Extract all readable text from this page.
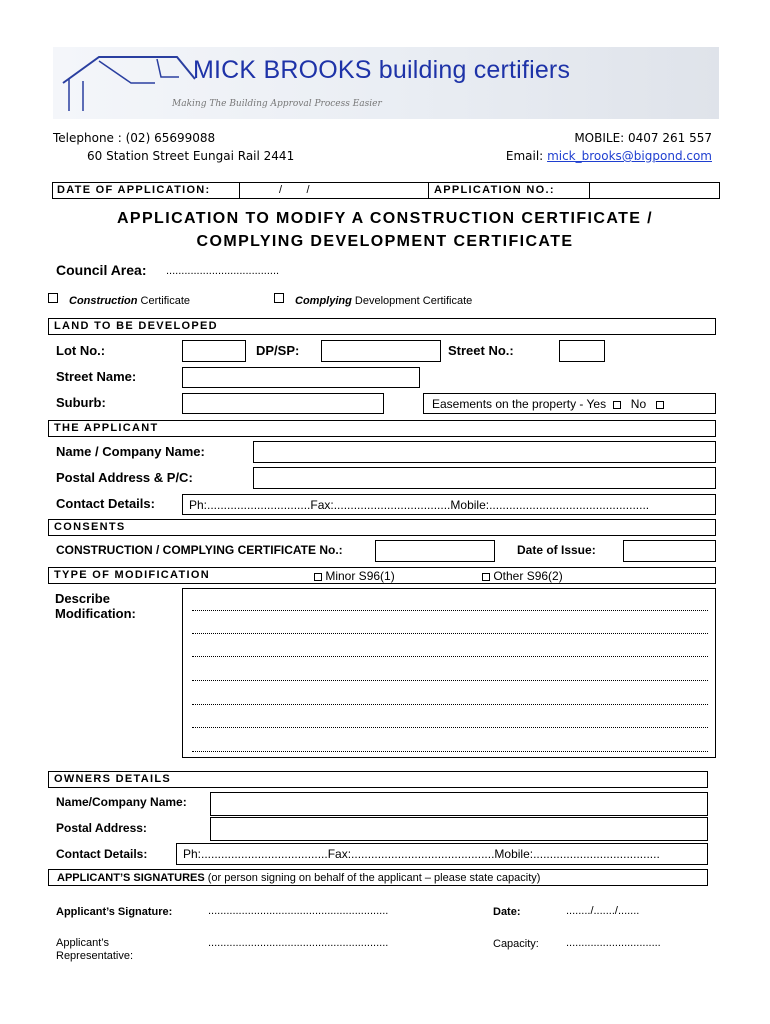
MICK BROOKS building certifiers
Making The Building Approval Process Easier
Telephone : (02) 65699088
60 Station Street Eungai Rail 2441
MOBILE: 0407 261 557
Email: mick_brooks@bigpond.com
DATE OF APPLICATION:	/        /	APPLICATION NO.:
APPLICATION TO MODIFY A CONSTRUCTION CERTIFICATE /
COMPLYING DEVELOPMENT CERTIFICATE
Council Area: .....................................
Construction Certificate	Complying Development Certificate
LAND TO BE DEVELOPED
Lot No.:	DP/SP:	Street No.:
Street Name:
Suburb:	Easements on the property - Yes No
THE APPLICANT
Name / Company Name:
Postal Address & P/C:
Contact Details:	Ph:...............................Fax:...................................Mobile:................................................
CONSENTS
CONSTRUCTION / COMPLYING CERTIFICATE No.:	Date of Issue:
TYPE OF MODIFICATION	Minor S96(1)	Other S96(2)
Describe
Modification:
OWNERS DETAILS
Name/Company Name:
Postal Address:
Contact Details:	Ph:......................................Fax:...........................................Mobile:......................................
APPLICANT’S SIGNATURES (or person signing on behalf of the applicant – please state capacity)
Applicant’s Signature:	...........................................................	Date:	......../......./.......
Applicant’s
Representative:
...........................................................	Capacity: ...............................
